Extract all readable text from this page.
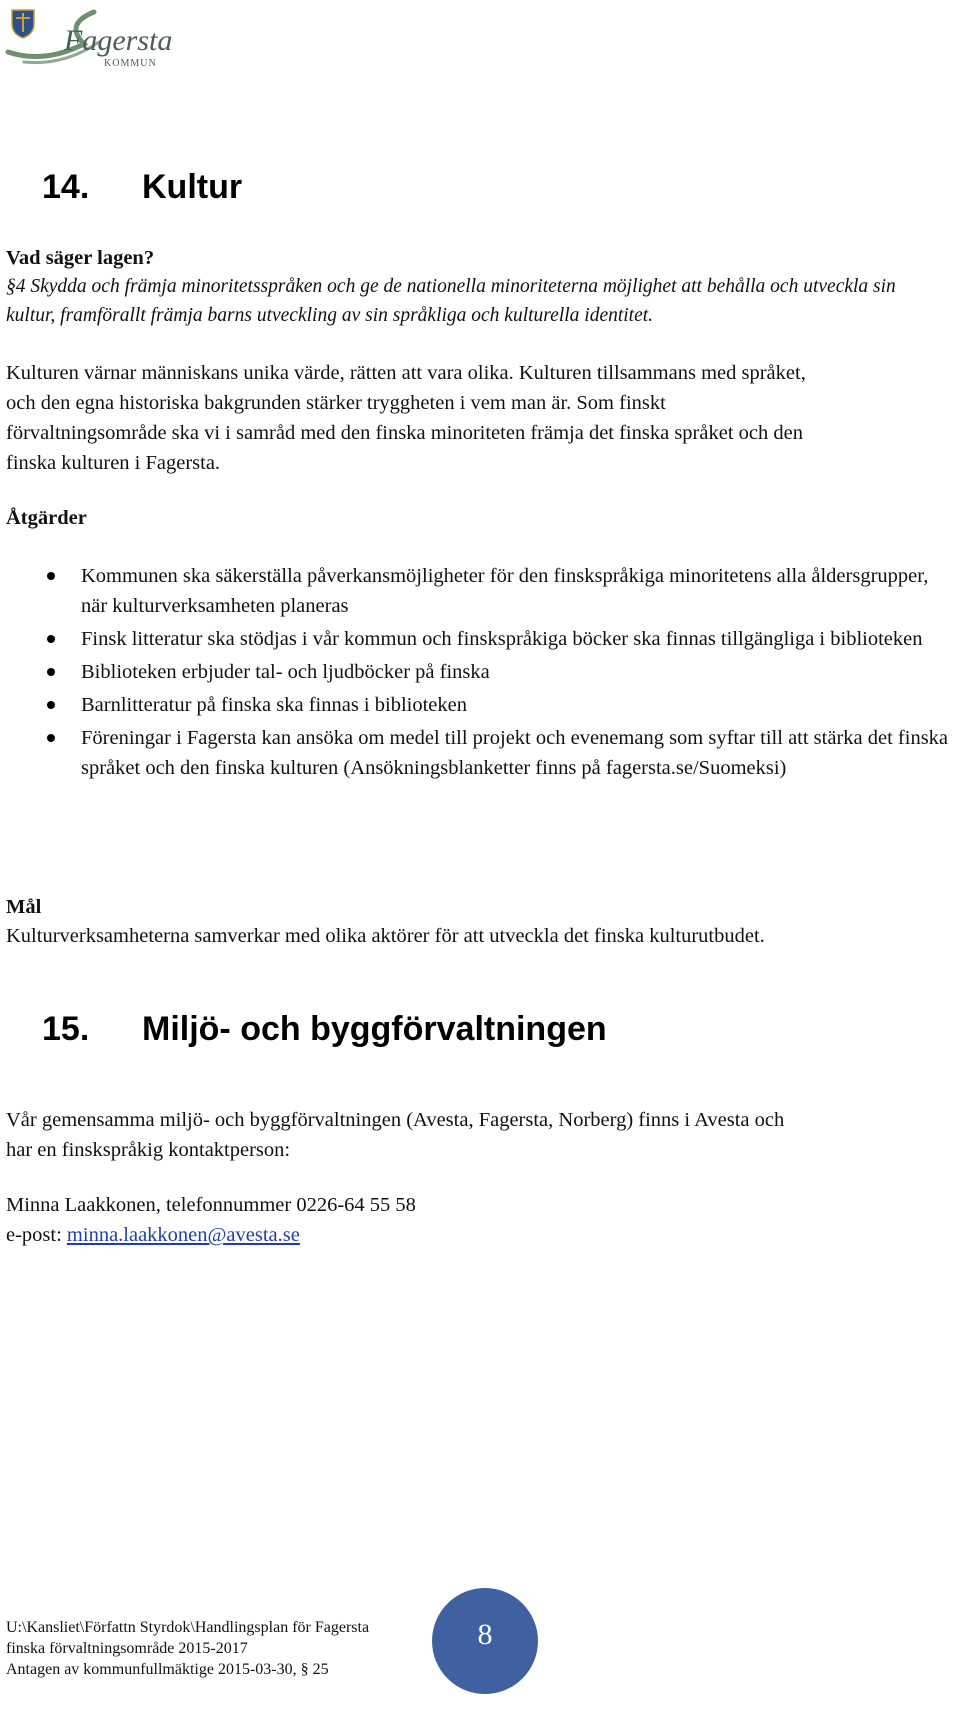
Fagersta
KOMMUN
14. Kultur
Vad säger lagen?
§4 Skydda och främja minoritetsspråken och ge de nationella minoriteterna möjlighet att behålla och utveckla sin
kultur, framförallt främja barns utveckling av sin språkliga och kulturella identitet.
Kulturen värnar människans unika värde, rätten att vara olika. Kulturen tillsammans med språket,
och den egna historiska bakgrunden stärker tryggheten i vem man är. Som finskt
förvaltningsområde ska vi i samråd med den finska minoriteten främja det finska språket och den
finska kulturen i Fagersta.
Åtgärder
Kommunen ska säkerställa påverkansmöjligheter för den finskspråkiga minoritetens alla åldersgrupper, när kulturverksamheten planeras
Finsk litteratur ska stödjas i vår kommun och finskspråkiga böcker ska finnas tillgängliga i biblioteken
Biblioteken erbjuder tal- och ljudböcker på finska
Barnlitteratur på finska ska finnas i biblioteken
Föreningar i Fagersta kan ansöka om medel till projekt och evenemang som syftar till att stärka det finska språket och den finska kulturen (Ansökningsblanketter finns på fagersta.se/Suomeksi)
Mål
Kulturverksamheterna samverkar med olika aktörer för att utveckla det finska kulturutbudet.
15. Miljö- och byggförvaltningen
Vår gemensamma miljö- och byggförvaltningen (Avesta, Fagersta, Norberg) finns i Avesta och
har en finskspråkig kontaktperson:
Minna Laakkonen, telefonnummer 0226-64 55 58
e-post: minna.laakkonen@avesta.se
U:\Kansliet\Författn Styrdok\Handlingsplan för Fagersta
finska förvaltningsområde 2015-2017
Antagen av kommunfullmäktige 2015-03-30, § 25
8
